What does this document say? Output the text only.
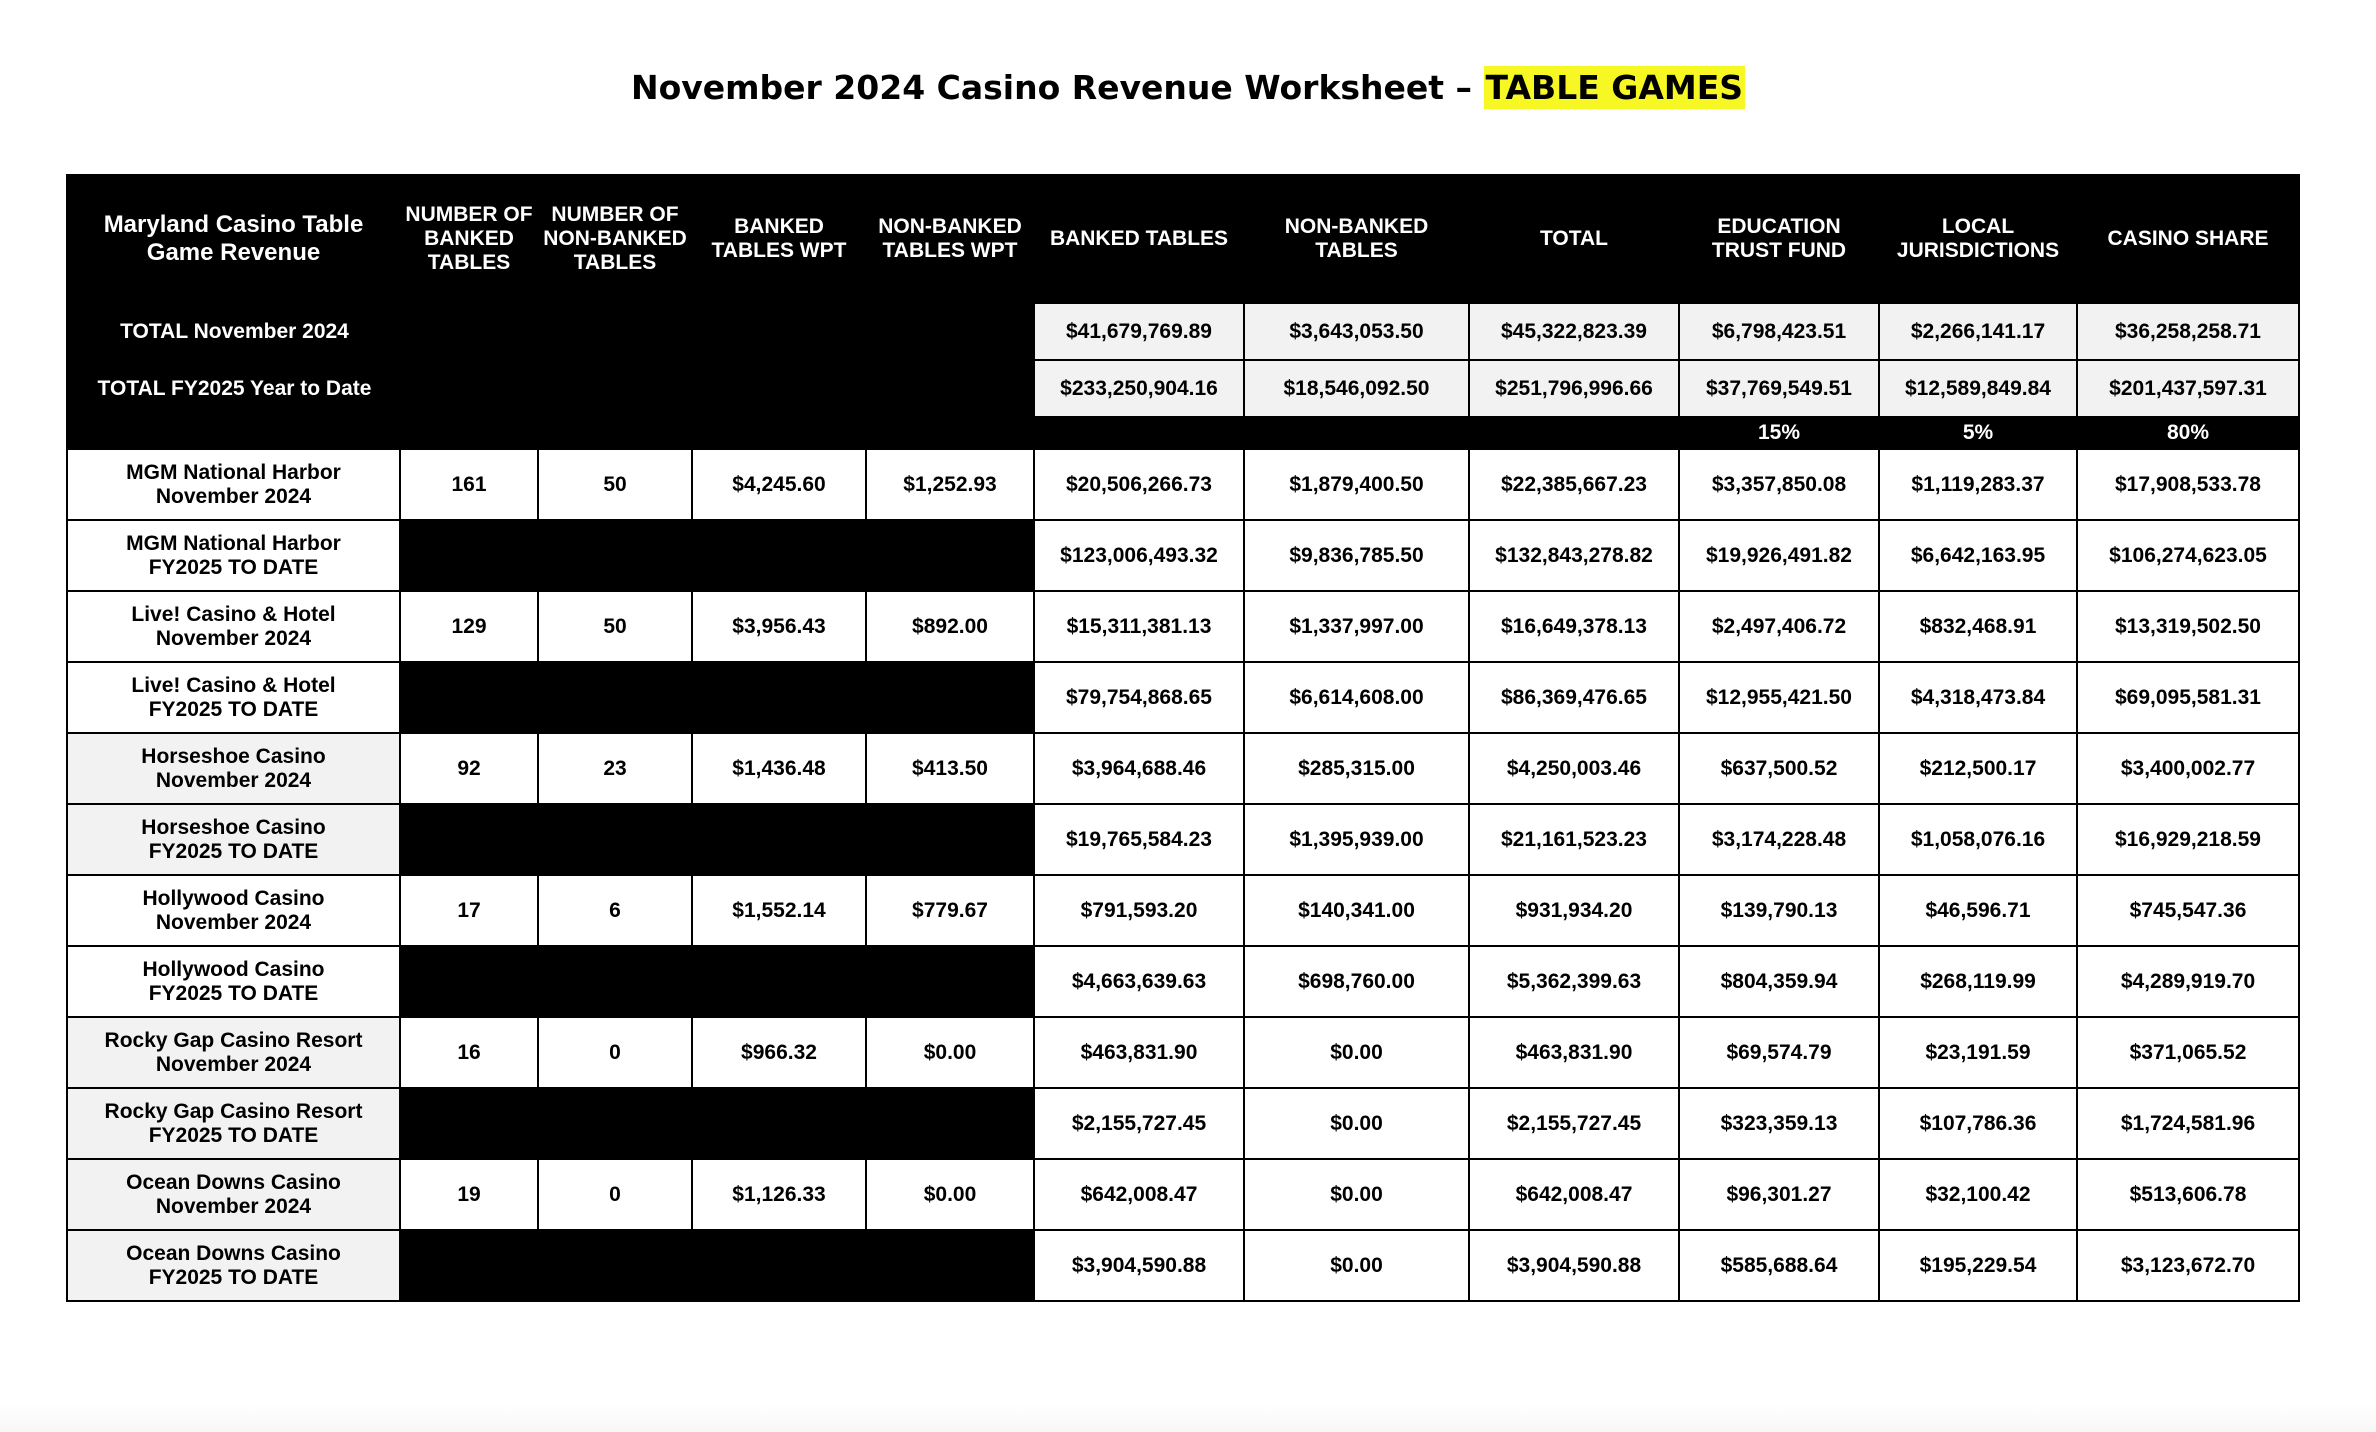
November 2024 Casino Revenue Worksheet – TABLE GAMES
Maryland Casino Table Game Revenue	NUMBER OF BANKED TABLES	NUMBER OF NON-BANKED TABLES	BANKED TABLES WPT	NON-BANKED TABLES WPT	BANKED TABLES	NON-BANKED TABLES	TOTAL	EDUCATION TRUST FUND	LOCAL JURISDICTIONS	CASINO SHARE

TOTAL November 2024					$41,679,769.89	$3,643,053.50	$45,322,823.39	$6,798,423.51	$2,266,141.17	$36,258,258.71

TOTAL FY2025 Year to Date					$233,250,904.16	$18,546,092.50	$251,796,996.66	$37,769,549.51	$12,589,849.84	$201,437,597.31
								15%	5%	80%

MGM National Harbor
November 2024	161	50	$4,245.60	$1,252.93	$20,506,266.73	$1,879,400.50	$22,385,667.23	$3,357,850.08	$1,119,283.37	$17,908,533.78

MGM National Harbor
FY2025 TO DATE					$123,006,493.32	$9,836,785.50	$132,843,278.82	$19,926,491.82	$6,642,163.95	$106,274,623.05

Live! Casino & Hotel
November 2024	129	50	$3,956.43	$892.00	$15,311,381.13	$1,337,997.00	$16,649,378.13	$2,497,406.72	$832,468.91	$13,319,502.50

Live! Casino & Hotel
FY2025 TO DATE					$79,754,868.65	$6,614,608.00	$86,369,476.65	$12,955,421.50	$4,318,473.84	$69,095,581.31

Horseshoe Casino
November 2024	92	23	$1,436.48	$413.50	$3,964,688.46	$285,315.00	$4,250,003.46	$637,500.52	$212,500.17	$3,400,002.77

Horseshoe Casino
FY2025 TO DATE					$19,765,584.23	$1,395,939.00	$21,161,523.23	$3,174,228.48	$1,058,076.16	$16,929,218.59

Hollywood Casino
November 2024	17	6	$1,552.14	$779.67	$791,593.20	$140,341.00	$931,934.20	$139,790.13	$46,596.71	$745,547.36

Hollywood Casino
FY2025 TO DATE					$4,663,639.63	$698,760.00	$5,362,399.63	$804,359.94	$268,119.99	$4,289,919.70

Rocky Gap Casino Resort
November 2024	16	0	$966.32	$0.00	$463,831.90	$0.00	$463,831.90	$69,574.79	$23,191.59	$371,065.52

Rocky Gap Casino Resort
FY2025 TO DATE					$2,155,727.45	$0.00	$2,155,727.45	$323,359.13	$107,786.36	$1,724,581.96

Ocean Downs Casino
November 2024	19	0	$1,126.33	$0.00	$642,008.47	$0.00	$642,008.47	$96,301.27	$32,100.42	$513,606.78

Ocean Downs Casino
FY2025 TO DATE					$3,904,590.88	$0.00	$3,904,590.88	$585,688.64	$195,229.54	$3,123,672.70
